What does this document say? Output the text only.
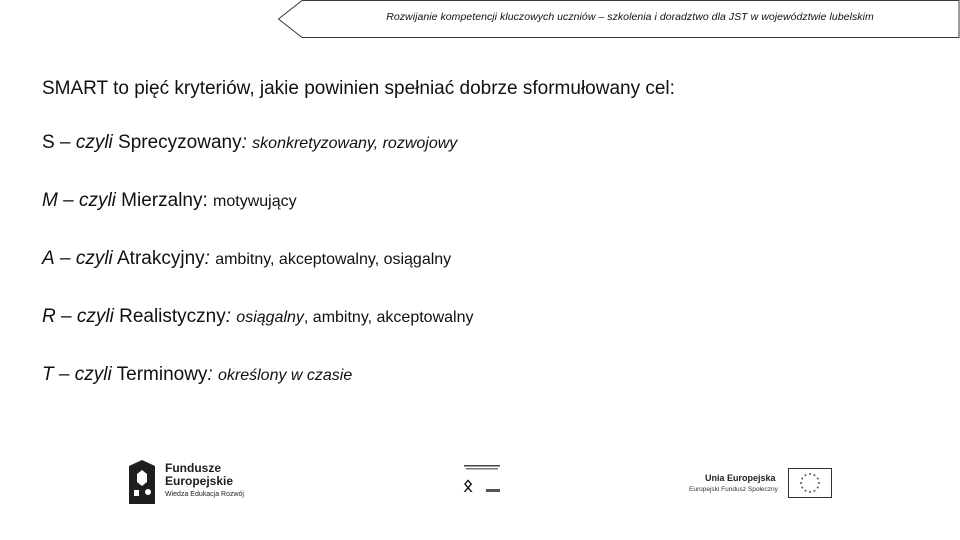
Rozwijanie kompetencji kluczowych uczniów – szkolenia i doradztwo dla JST w województwie lubelskim

SMART to pięć kryteriów, jakie powinien spełniać dobrze sformułowany cel:

S – czyli Sprecyzowany: skonkretyzowany, rozwojowy
M – czyli Mierzalny: motywujący
A – czyli Atrakcyjny: ambitny, akceptowalny, osiągalny
R – czyli Realistyczny: osiągalny, ambitny, akceptowalny
T – czyli Terminowy: określony w czasie
Fundusze
Europejskie
Wiedza Edukacja Rozwój	ᛟ	Unia Europejska
Europejski Fundusz Społeczny
